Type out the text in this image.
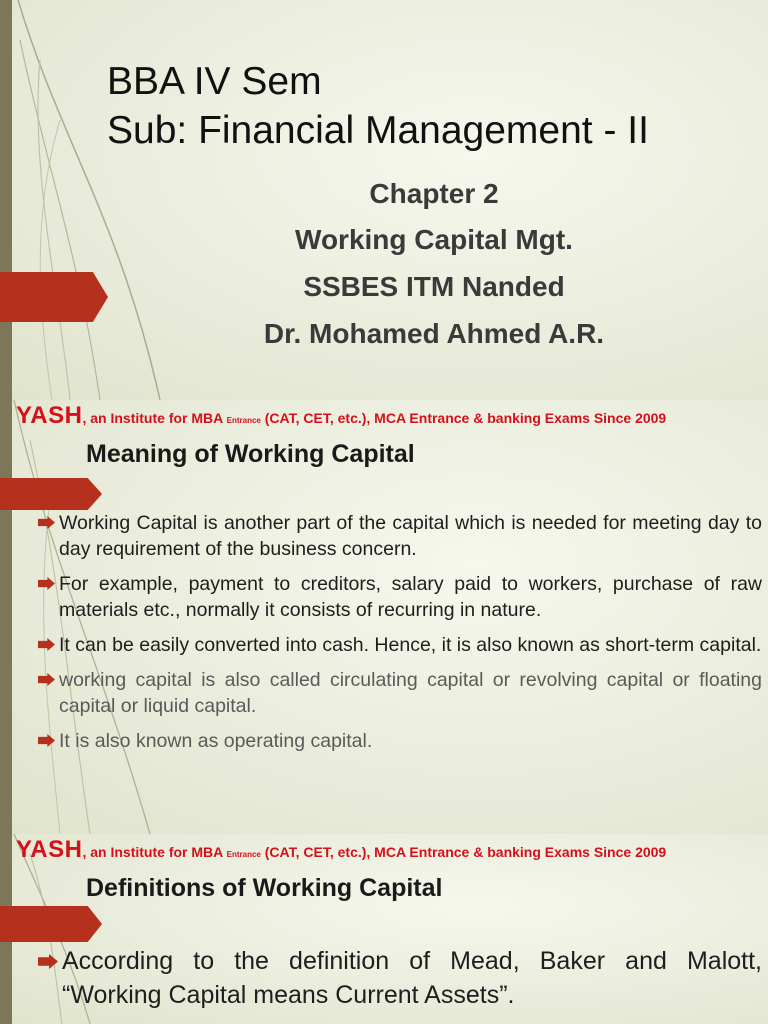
BBA IV Sem
Sub: Financial Management - II
Chapter 2
Working Capital Mgt.
SSBES ITM Nanded
Dr. Mohamed Ahmed A.R.
YASH, an Institute for MBA Entrance (CAT, CET, etc.), MCA Entrance & banking Exams Since 2009
Meaning of Working Capital
Working Capital is another part of the capital which is needed for meeting day to day requirement of the business concern.
For example, payment to creditors, salary paid to workers, purchase of raw materials etc., normally it consists of recurring in nature.
It can be easily converted into cash. Hence, it is also known as short-term capital.
working capital is also called circulating capital or revolving capital or floating capital or liquid capital.
It is also known as operating capital.
YASH, an Institute for MBA Entrance (CAT, CET, etc.), MCA Entrance & banking Exams Since 2009
Definitions of Working Capital
According to the definition of Mead, Baker and Malott, “Working Capital means Current Assets”.
